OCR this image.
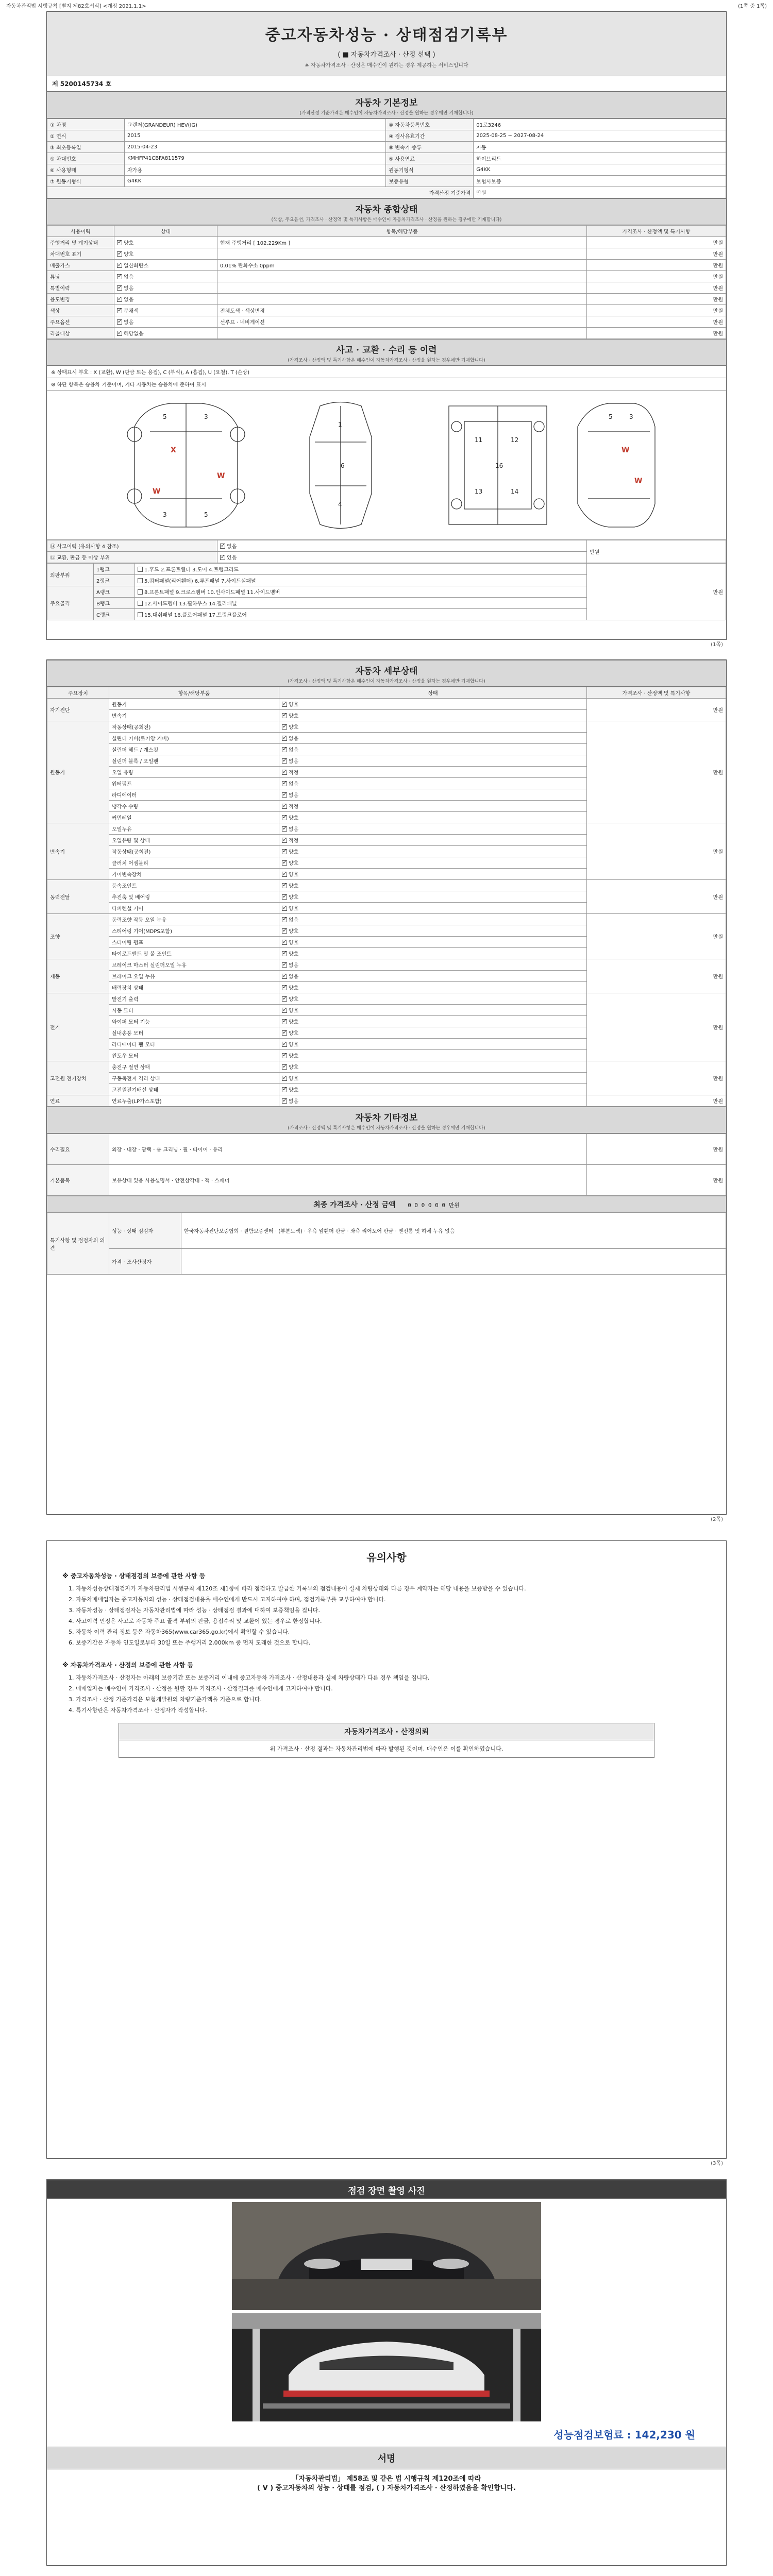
자동차관리법 시행규칙 [별지 제82호서식] <개정 2021.1.1>	(1쪽 중 1쪽)
중고자동차성능 · 상태점검기록부
( ■ 자동차가격조사 · 산정 선택 )
※ 자동차가격조사 · 산정은 매수인이 원하는 경우 제공하는 서비스입니다
제 5200145734 호
자동차 기본정보
(가격산정 기준가격은 매수인이 자동차가격조사 · 산정을 원하는 경우에만 기재합니다)
① 차명	그랜저(GRANDEUR) HEV(IG)	⑩ 자동차등록번호	01로3246
② 연식	2015	④ 검사유효기간	2025-08-25 ~ 2027-08-24
③ 최초등록일	2015-04-23	⑧ 변속기 종류	자동
⑤ 차대번호	KMHFP41CBFA811579	⑨ 사용연료	하이브리드
⑥ 사용형태	자가용	원동기형식	G4KK
⑦ 원동기형식	G4KK	보증유형	보험사보증
가격산정 기준가격			만원
자동차 종합상태
(색상, 주요옵션, 가격조사 · 산정액 및 특기사항은 매수인이 자동차가격조사 · 산정을 원하는 경우에만 기재합니다)
사용이력	상태	항목/해당부품	가격조사 · 산정액 및 특기사항
주행거리 및 계기상태	✓양호	현재 주행거리 [ 102,229Km ]	만원
차대번호 표기	✓양호		만원
배출가스	✓일산화탄소	0.01% 탄화수소 0ppm	만원
튜닝	✓없음		만원
특별이력	✓없음		만원
용도변경	✓없음		만원
색상	✓무채색	전체도색 · 색상변경	만원
주요옵션	✓없음	선루프 · 네비게이션	만원
리콜대상	✓해당없음		만원
사고 · 교환 · 수리 등 이력
(가격조사 · 산정액 및 특기사항은 매수인이 자동차가격조사 · 산정을 원하는 경우에만 기재합니다)
※ 상태표시 부호 : X (교환), W (판금 또는 용접), C (부식), A (흠집), U (요철), T (손상)
※ 하단 항목은 승용차 기준이며, 기타 자동차는 승용차에 준하여 표시
5	3
3	5
1
4
6	16
11	12
13	14
5	3
X
W
W
W
W
⑭ 사고이력 (유의사항 4 참조)	✓없음	만원
⑮ 교환, 판금 등 이상 부위	✓있음
외판부위	1랭크	1.후드 2.프론트휀더 3.도어 4.트렁크리드	만원
	2랭크	5.쿼터패널(리어휀더) 6.루프패널 7.사이드실패널	
주요골격	A랭크	8.프론트패널 9.크로스멤버 10.인사이드패널 11.사이드멤버	
	B랭크	12.사이드멤버 13.휠하우스 14.필러패널	
	C랭크	15.대쉬패널 16.플로어패널 17.트렁크플로어	
(1쪽)
자동차 세부상태
(가격조사 · 산정액 및 특기사항은 매수인이 자동차가격조사 · 산정을 원하는 경우에만 기재합니다)
주요장치	항목/해당부품	상태	가격조사 · 산정액 및 특기사항
자기진단	원동기	✓양호	만원
	변속기	✓양호
원동기	작동상태(공회전)	✓양호	만원
	실린더 커버(로커암 커버)	✓없음
	실린더 헤드 / 개스킷	✓없음
	실린더 블록 / 오일팬	✓없음
	오일 유량	✓적정
	워터펌프	✓없음
	라디에이터	✓없음
	냉각수 수량	✓적정
	커먼레일	✓양호
변속기	오일누유	✓없음	만원
	오일유량 및 상태	✓적정
	작동상태(공회전)	✓양호
	클러치 어셈블리	✓양호
	기어변속장치	✓양호
동력전달	등속조인트	✓양호	만원
	추진축 및 베어링	✓양호
	디퍼렌셜 기어	✓양호
조향	동력조향 작동 오일 누유	✓없음	만원
	스티어링 기어(MDPS포함)	✓양호
	스티어링 펌프	✓양호
	타이로드엔드 및 볼 조인트	✓양호
제동	브레이크 마스터 실린더오일 누유	✓없음	만원
	브레이크 오일 누유	✓없음
	배력장치 상태	✓양호
전기	발전기 출력	✓양호	만원
	시동 모터	✓양호
	와이퍼 모터 기능	✓양호
	실내송풍 모터	✓양호
	라디에이터 팬 모터	✓양호
	윈도우 모터	✓양호
고전원 전기장치	충전구 절연 상태	✓양호	만원
	구동축전지 격리 상태	✓양호
	고전원전기배선 상태	✓양호
연료	연료누출(LP가스포함)	✓없음	만원
자동차 기타정보
(가격조사 · 산정액 및 특기사항은 매수인이 자동차가격조사 · 산정을 원하는 경우에만 기재합니다)
수리필요	외장 · 내장 · 광택 · 룸 크리닝 · 휠 · 타이어 · 유리	만원
기본품목	보유상태 있음 사용설명서 · 안전삼각대 · 잭 · 스패너	만원
최종 가격조사 · 산정 금액 0 0 0 0 0 0 만원
특기사항 및 점검자의 의견	성능 · 상태 점검자	한국자동차진단보증협회 · 결함보증센터 · (부분도색) · 우측 앞휀더 판금 · 좌측 리어도어 판금 · 엔진룸 및 하체 누유 없음
	가격 · 조사산정자	
(2쪽)
유의사항
※ 중고자동차성능 · 상태점검의 보증에 관한 사항 등
1. 자동차성능상태점검자가 자동차관리법 시행규칙 제120조 제1항에 따라 점검하고 발급한 기록부의 점검내용이 실제 차량상태와 다른 경우 계약자는 해당 내용을 보증받을 수 있습니다.
2. 자동차매매업자는 중고자동차의 성능 · 상태점검내용을 매수인에게 반드시 고지하여야 하며, 점검기록부를 교부하여야 합니다.
3. 자동차성능 · 상태점검자는 자동차관리법에 따라 성능 · 상태점검 결과에 대하여 보증책임을 집니다.
4. 사고이력 인정은 사고로 자동차 주요 골격 부위의 판금, 용접수리 및 교환이 있는 경우로 한정합니다.
5. 자동차 이력 관리 정보 등은 자동차365(www.car365.go.kr)에서 확인할 수 있습니다.
6. 보증기간은 자동차 인도일로부터 30일 또는 주행거리 2,000km 중 먼저 도래한 것으로 합니다.
※ 자동차가격조사 · 산정의 보증에 관한 사항 등
1. 자동차가격조사 · 산정자는 아래의 보증기간 또는 보증거리 이내에 중고자동차 가격조사 · 산정내용과 실제 차량상태가 다른 경우 책임을 집니다.
2. 매매업자는 매수인이 가격조사 · 산정을 원할 경우 가격조사 · 산정결과를 매수인에게 고지하여야 합니다.
3. 가격조사 · 산정 기준가격은 보험개발원의 차량기준가액을 기준으로 합니다.
4. 특기사항란은 자동차가격조사 · 산정자가 작성합니다.
자동차가격조사 · 산정의뢰
위 가격조사 · 산정 결과는 자동차관리법에 따라 발행된 것이며, 매수인은 이를 확인하였습니다.
(3쪽)
점검 장면 촬영 사진
성능점검보험료 : 142,230 원
서명
「자동차관리법」 제58조 및 같은 법 시행규칙 제120조에 따라
( V ) 중고자동차의 성능 · 상태를 점검, ( ) 자동차가격조사 · 산정하였음을 확인합니다.
